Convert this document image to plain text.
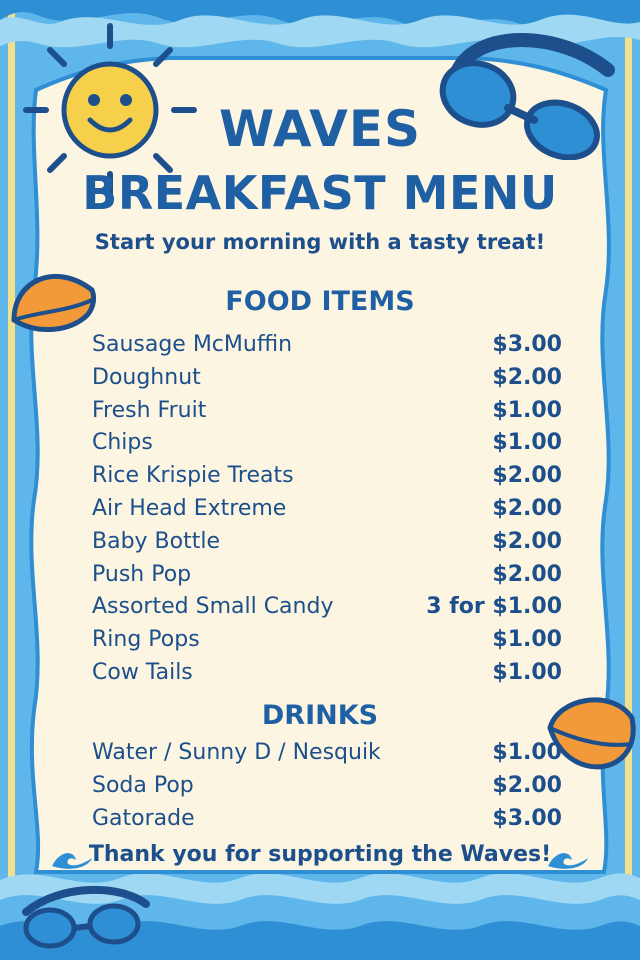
WAVES
BREAKFAST MENU
Start your morning with a tasty treat!
FOOD ITEMS
Sausage McMuffin	$3.00
Doughnut	$2.00
Fresh Fruit	$1.00
Chips	$1.00
Rice Krispie Treats	$2.00
Air Head Extreme	$2.00
Baby Bottle	$2.00
Push Pop	$2.00
Assorted Small Candy	3 for $1.00
Ring Pops	$1.00
Cow Tails	$1.00
DRINKS
Water / Sunny D / Nesquik	$1.00
Soda Pop	$2.00
Gatorade	$3.00
Thank you for supporting the Waves!
